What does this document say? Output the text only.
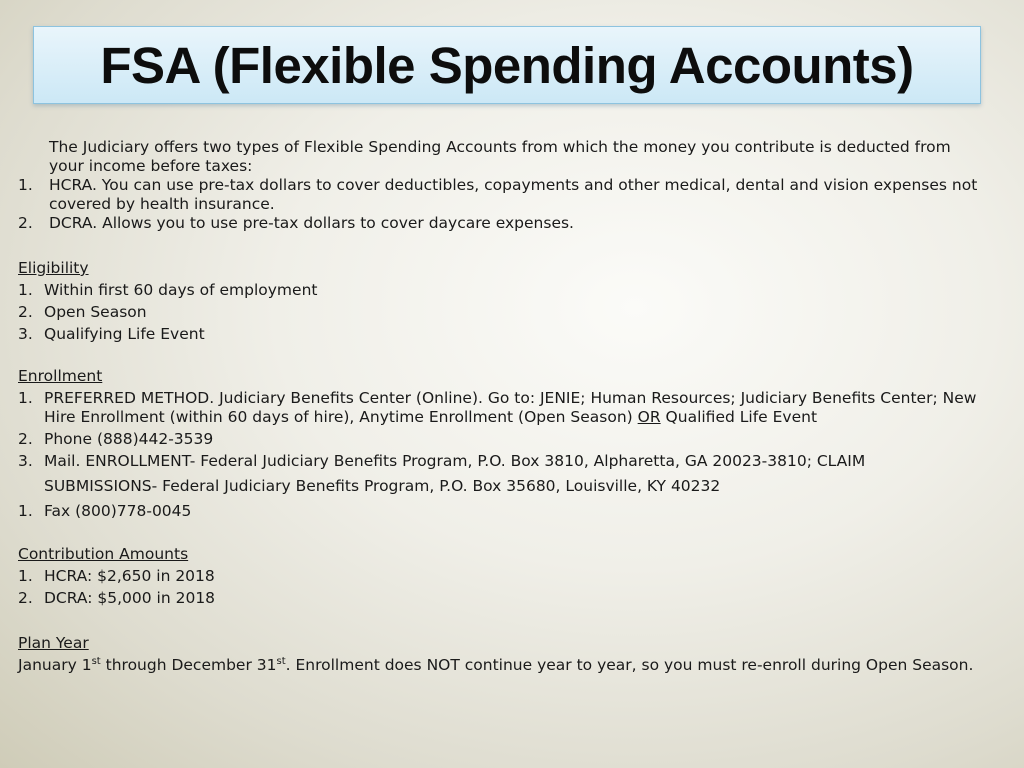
FSA (Flexible Spending Accounts)

The Judiciary offers two types of Flexible Spending Accounts from which the money you contribute is deducted from your income before taxes:

1.	HCRA. You can use pre-tax dollars to cover deductibles, copayments and other medical, dental and vision expenses not covered by health insurance.
2.	DCRA. Allows you to use pre-tax dollars to cover daycare expenses.
Eligibility
1. Within first 60 days of employment
2. Open Season
3. Qualifying Life Event
Enrollment
1. PREFERRED METHOD. Judiciary Benefits Center (Online). Go to: JENIE; Human Resources; Judiciary Benefits Center; New Hire Enrollment (within 60 days of hire), Anytime Enrollment (Open Season) OR Qualified Life Event
2. Phone (888)442-3539
3. Mail. ENROLLMENT- Federal Judiciary Benefits Program, P.O. Box 3810, Alpharetta, GA 20023-3810; CLAIM
SUBMISSIONS- Federal Judiciary Benefits Program, P.O. Box 35680, Louisville, KY 40232
1. Fax (800)778-0045
Contribution Amounts
1. HCRA: $2,650 in 2018
2. DCRA: $5,000 in 2018
Plan Year

January 1st through December 31st. Enrollment does NOT continue year to year, so you must re-enroll during Open Season.
